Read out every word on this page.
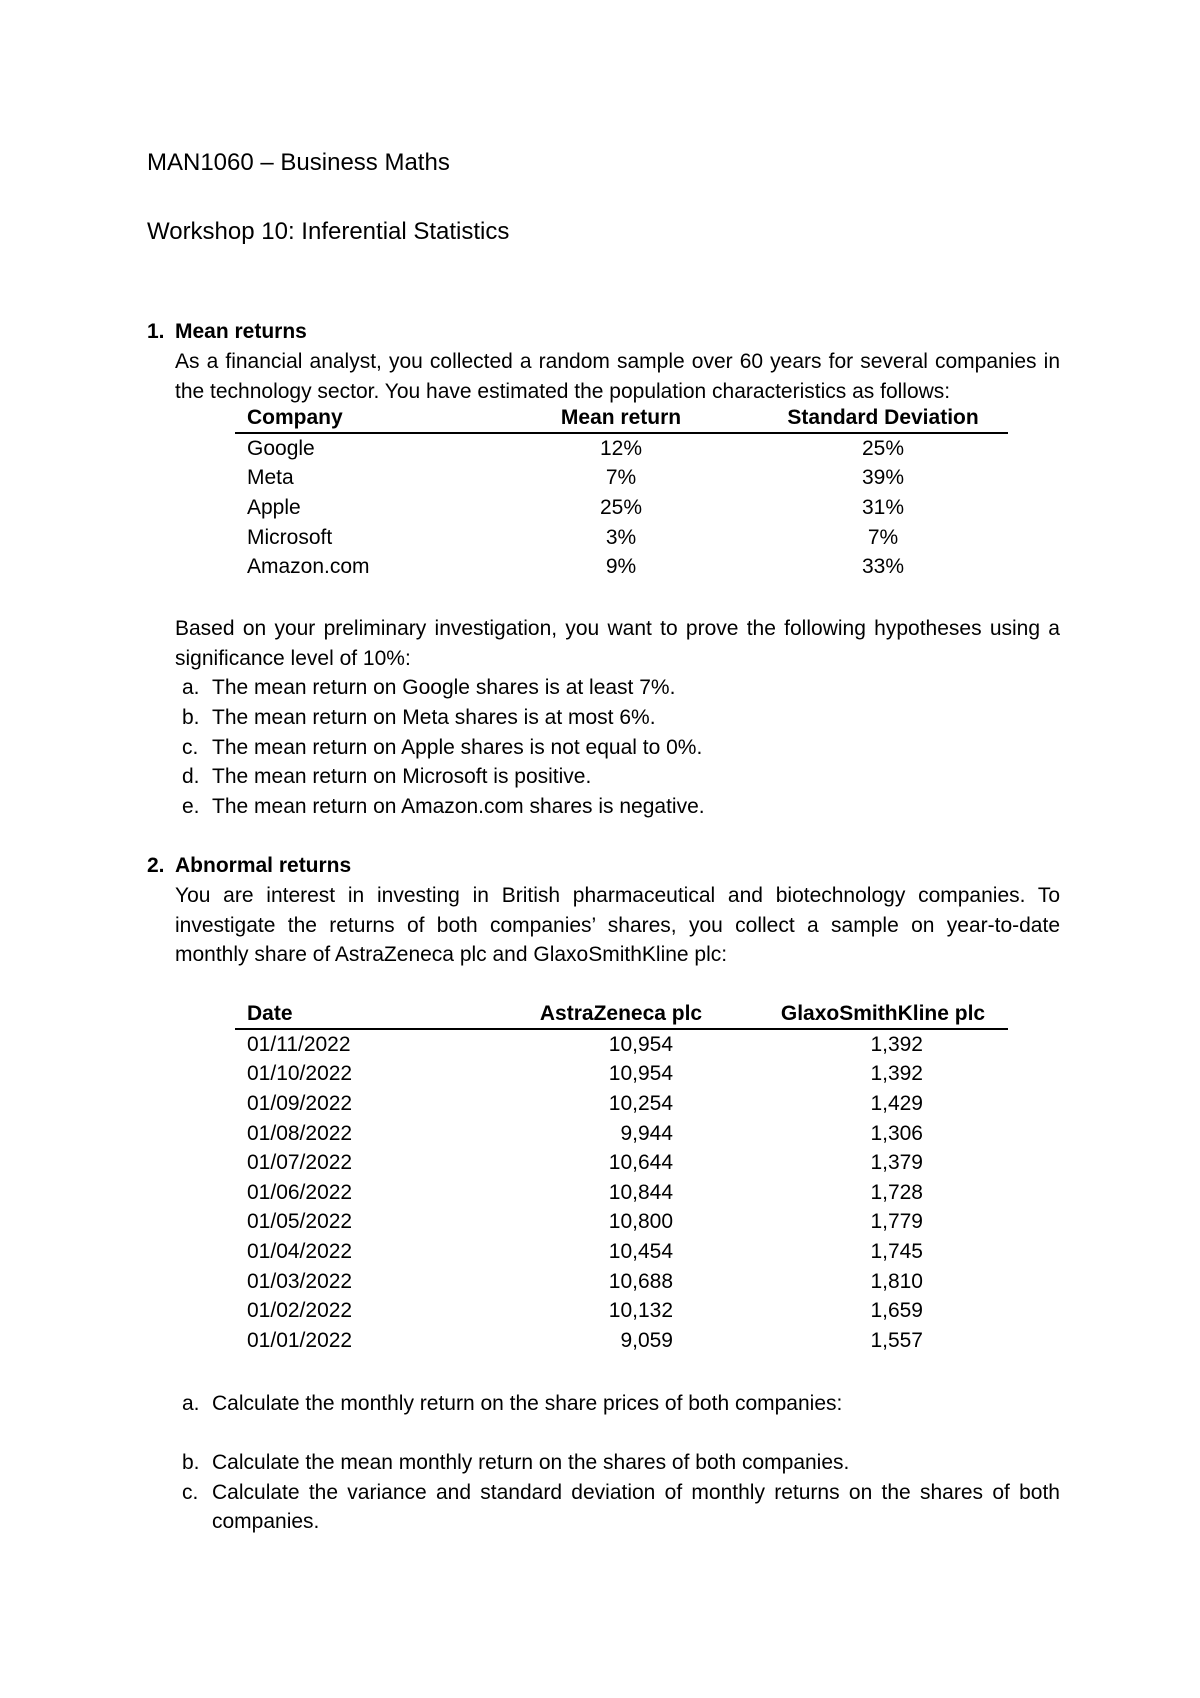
MAN1060 – Business Maths
Workshop 10: Inferential Statistics
1. Mean returns

As a financial analyst, you collected a random sample over 60 years for several companies in the technology sector. You have estimated the population characteristics as follows:

Company	Mean return	Standard Deviation
Google	12%	25%
Meta	7%	39%
Apple	25%	31%
Microsoft	3%	7%
Amazon.com	9%	33%

Based on your preliminary investigation, you want to prove the following hypotheses using a significance level of 10%:

a. The mean return on Google shares is at least 7%.
b. The mean return on Meta shares is at most 6%.
c. The mean return on Apple shares is not equal to 0%.
d. The mean return on Microsoft is positive.
e. The mean return on Amazon.com shares is negative.
2. Abnormal returns

You are interest in investing in British pharmaceutical and biotechnology companies. To investigate the returns of both companies’ shares, you collect a sample on year-to-date monthly share of AstraZeneca plc and GlaxoSmithKline plc:

Date	AstraZeneca plc	GlaxoSmithKline plc
01/11/2022	10,954	1,392
01/10/2022	10,954	1,392
01/09/2022	10,254	1,429
01/08/2022	9,944	1,306
01/07/2022	10,644	1,379
01/06/2022	10,844	1,728
01/05/2022	10,800	1,779
01/04/2022	10,454	1,745
01/03/2022	10,688	1,810
01/02/2022	10,132	1,659
01/01/2022	9,059	1,557
a. Calculate the monthly return on the share prices of both companies:
b. Calculate the mean monthly return on the shares of both companies.
c. Calculate the variance and standard deviation of monthly returns on the shares of both companies.
